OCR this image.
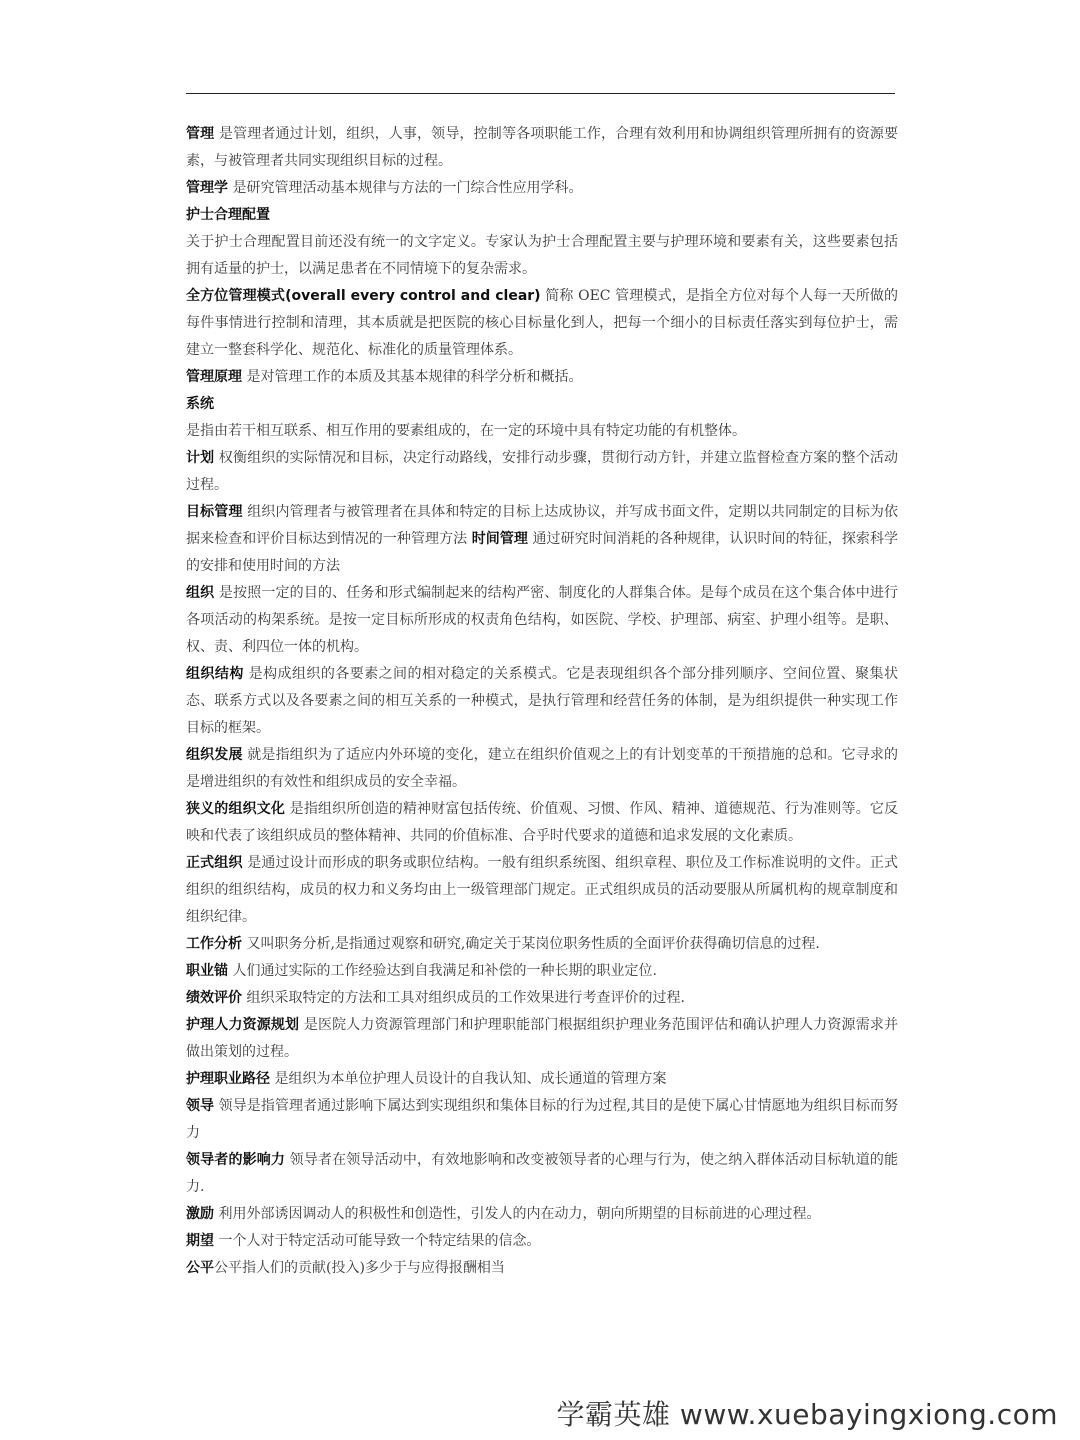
管理 是管理者通过计划，组织，人事，领导，控制等各项职能工作，合理有效利用和协调组织管理所拥有的资源要素，与被管理者共同实现组织目标的过程。

管理学 是研究管理活动基本规律与方法的一门综合性应用学科。

护士合理配置

关于护士合理配置目前还没有统一的文字定义。专家认为护士合理配置主要与护理环境和要素有关，这些要素包括拥有适量的护士，以满足患者在不同情境下的复杂需求。

全方位管理模式(overall every control and clear) 简称 OEC 管理模式，是指全方位对每个人每一天所做的每件事情进行控制和清理，其本质就是把医院的核心目标量化到人，把每一个细小的目标责任落实到每位护士，需建立一整套科学化、规范化、标准化的质量管理体系。

管理原理 是对管理工作的本质及其基本规律的科学分析和概括。

系统

是指由若干相互联系、相互作用的要素组成的，在一定的环境中具有特定功能的有机整体。

计划 权衡组织的实际情况和目标，决定行动路线，安排行动步骤，贯彻行动方针，并建立监督检查方案的整个活动过程。

目标管理 组织内管理者与被管理者在具体和特定的目标上达成协议，并写成书面文件，定期以共同制定的目标为依据来检查和评价目标达到情况的一种管理方法 时间管理 通过研究时间消耗的各种规律，认识时间的特征，探索科学的安排和使用时间的方法

组织 是按照一定的目的、任务和形式编制起来的结构严密、制度化的人群集合体。是每个成员在这个集合体中进行各项活动的构架系统。是按一定目标所形成的权责角色结构，如医院、学校、护理部、病室、护理小组等。是职、权、责、利四位一体的机构。

组织结构 是构成组织的各要素之间的相对稳定的关系模式。它是表现组织各个部分排列顺序、空间位置、聚集状态、联系方式以及各要素之间的相互关系的一种模式，是执行管理和经营任务的体制，是为组织提供一种实现工作目标的框架。

组织发展 就是指组织为了适应内外环境的变化，建立在组织价值观之上的有计划变革的干预措施的总和。它寻求的是增进组织的有效性和组织成员的安全幸福。

狭义的组织文化 是指组织所创造的精神财富包括传统、价值观、习惯、作风、精神、道德规范、行为准则等。它反映和代表了该组织成员的整体精神、共同的价值标准、合乎时代要求的道德和追求发展的文化素质。

正式组织 是通过设计而形成的职务或职位结构。一般有组织系统图、组织章程、职位及工作标准说明的文件。正式组织的组织结构，成员的权力和义务均由上一级管理部门规定。正式组织成员的活动要服从所属机构的规章制度和组织纪律。

工作分析 又叫职务分析,是指通过观察和研究,确定关于某岗位职务性质的全面评价获得确切信息的过程.

职业锚 人们通过实际的工作经验达到自我满足和补偿的一种长期的职业定位.

绩效评价 组织采取特定的方法和工具对组织成员的工作效果进行考查评价的过程.

护理人力资源规划 是医院人力资源管理部门和护理职能部门根据组织护理业务范围评估和确认护理人力资源需求并做出策划的过程。

护理职业路径 是组织为本单位护理人员设计的自我认知、成长通道的管理方案

领导 领导是指管理者通过影响下属达到实现组织和集体目标的行为过程,其目的是使下属心甘情愿地为组织目标而努力

领导者的影响力 领导者在领导活动中，有效地影响和改变被领导者的心理与行为，使之纳入群体活动目标轨道的能力.

激励 利用外部诱因调动人的积极性和创造性，引发人的内在动力，朝向所期望的目标前进的心理过程。

期望 一个人对于特定活动可能导致一个特定结果的信念。

公平公平指人们的贡献(投入)多少于与应得报酬相当

学霸英雄 www.xuebayingxiong.com
